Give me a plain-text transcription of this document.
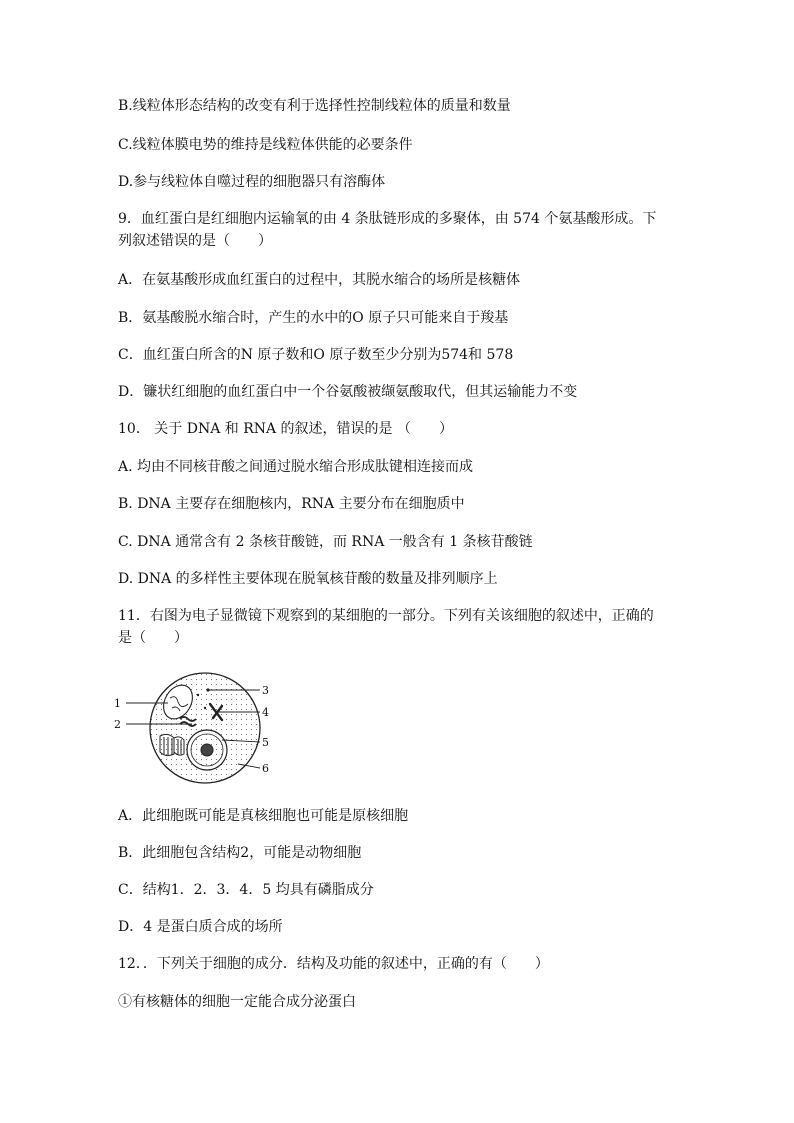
B.线粒体形态结构的改变有利于选择性控制线粒体的质量和数量
C.线粒体膜电势的维持是线粒体供能的必要条件
D.参与线粒体自噬过程的细胞器只有溶酶体
9．血红蛋白是红细胞内运输氧的由 4 条肽链形成的多聚体，由 574 个氨基酸形成。下
列叙述错误的是（　　）
A．在氨基酸形成血红蛋白的过程中，其脱水缩合的场所是核糖体
B．氨基酸脱水缩合时，产生的水中的O 原子只可能来自于羧基
C．血红蛋白所含的N 原子数和O 原子数至少分别为574和 578
D．镰状红细胞的血红蛋白中一个谷氨酸被缬氨酸取代，但其运输能力不变
10． 关于 DNA 和 RNA 的叙述，错误的是 （　　）
A. 均由不同核苷酸之间通过脱水缩合形成肽键相连接而成
B. DNA 主要存在细胞核内，RNA 主要分布在细胞质中
C. DNA 通常含有 2 条核苷酸链，而 RNA 一般含有 1 条核苷酸链
D. DNA 的多样性主要体现在脱氧核苷酸的数量及排列顺序上
11．右图为电子显微镜下观察到的某细胞的一部分。下列有关该细胞的叙述中，正确的
是（　　）
1
2
3
4
5
6
A．此细胞既可能是真核细胞也可能是原核细胞
B．此细胞包含结构2，可能是动物细胞
C．结构1．2．3．4．5 均具有磷脂成分
D．4 是蛋白质合成的场所
12．．下列关于细胞的成分．结构及功能的叙述中，正确的有（　　）
①有核糖体的细胞一定能合成分泌蛋白
